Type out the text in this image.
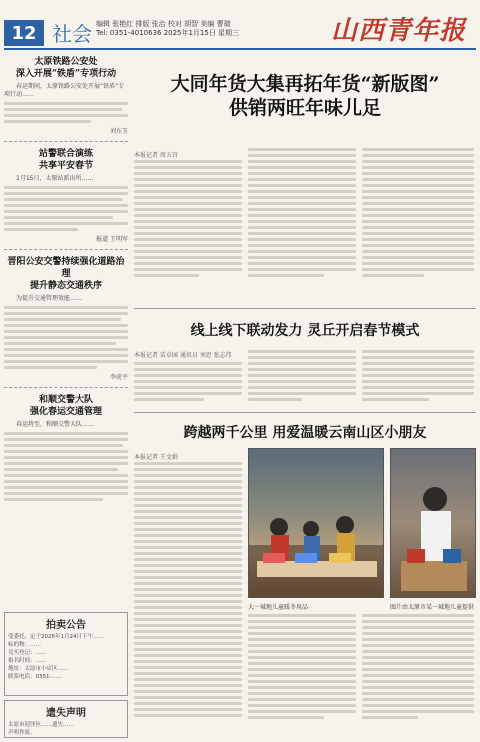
12 社会 编辑 张艳红 排版 张治 校对 胡智 美编 曹瑞
Tel: 0351-4010636 2025年1月15日 星期三	山西青年报
太原铁路公安处
深入开展“铁盾”专项行动
春运期间，太原铁路公安处开展“铁盾”专项行动……
刘东玉
站警联合演练
共享平安春节
1月15日，太原站派出所……
报道 王明军
晋阳公安交警持续强化道路治理
提升静态交通秩序
为提升交通管理效能……
李虎平
和顺交警大队
强化春运交通管理
春运将至，和顺交警大队……
拍卖公告
受委托，定于2025年1月24日下午……
标的物：……
竞买登记：……
报名时间：……
地址：太原市小店区……
联系电话：0351-……
遗失声明
太原市迎泽区……遗失……
声明作废。
大同年货大集再拓年货“新版图”
供销两旺年味儿足
本报记者 周五宫
线上线下联动发力 灵丘开启春节模式
本报记者 苗卓园 通讯员 刘思 张志伟
跨越两千公里 用爱温暖云南山区小朋友
本报记者 王文娟
大一城地儿童暖冬用品	图片由太原市某一城地儿童提供
